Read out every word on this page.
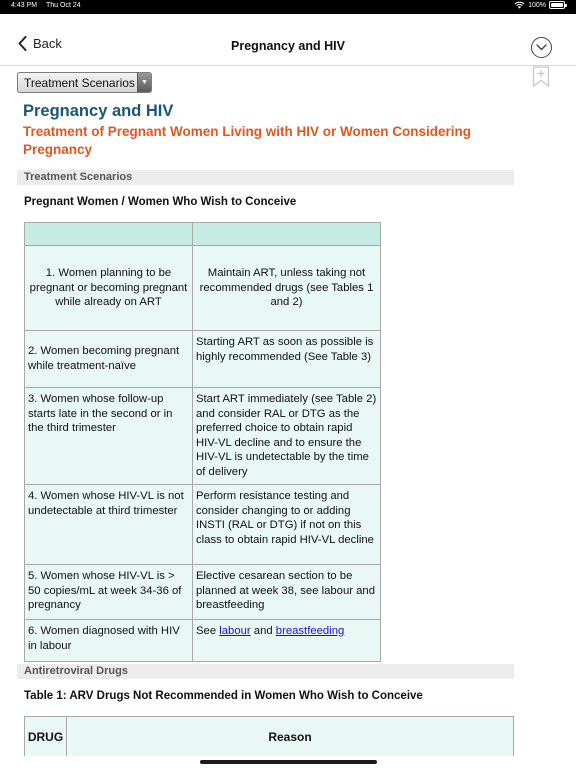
4:43 PM Thu Oct 24	100%
Back	Pregnancy and HIV
Treatment Scenarios ▼
Pregnancy and HIV
Treatment of Pregnant Women Living with HIV or Women Considering Pregnancy
Treatment Scenarios
Pregnant Women / Women Who Wish to Conceive

1. Women planning to be pregnant or becoming pregnant while already on ART	Maintain ART, unless taking not recommended drugs (see Tables 1 and 2)
2. Women becoming pregnant while treatment-naïve	Starting ART as soon as possible is highly recommended (See Table 3)
3. Women whose follow-up starts late in the second or in the third trimester	Start ART immediately (see Table 2) and consider RAL or DTG as the preferred choice to obtain rapid HIV-VL decline and to ensure the HIV-VL is undetectable by the time of delivery
4. Women whose HIV-VL is not undetectable at third trimester	Perform resistance testing and consider changing to or adding INSTI (RAL or DTG) if not on this class to obtain rapid HIV-VL decline
5. Women whose HIV-VL is > 50 copies/mL at week 34-36 of pregnancy	Elective cesarean section to be planned at week 38, see labour and breastfeeding
6. Women diagnosed with HIV in labour	See labour and breastfeeding
Antiretroviral Drugs
Table 1: ARV Drugs Not Recommended in Women Who Wish to Conceive
DRUG	Reason
